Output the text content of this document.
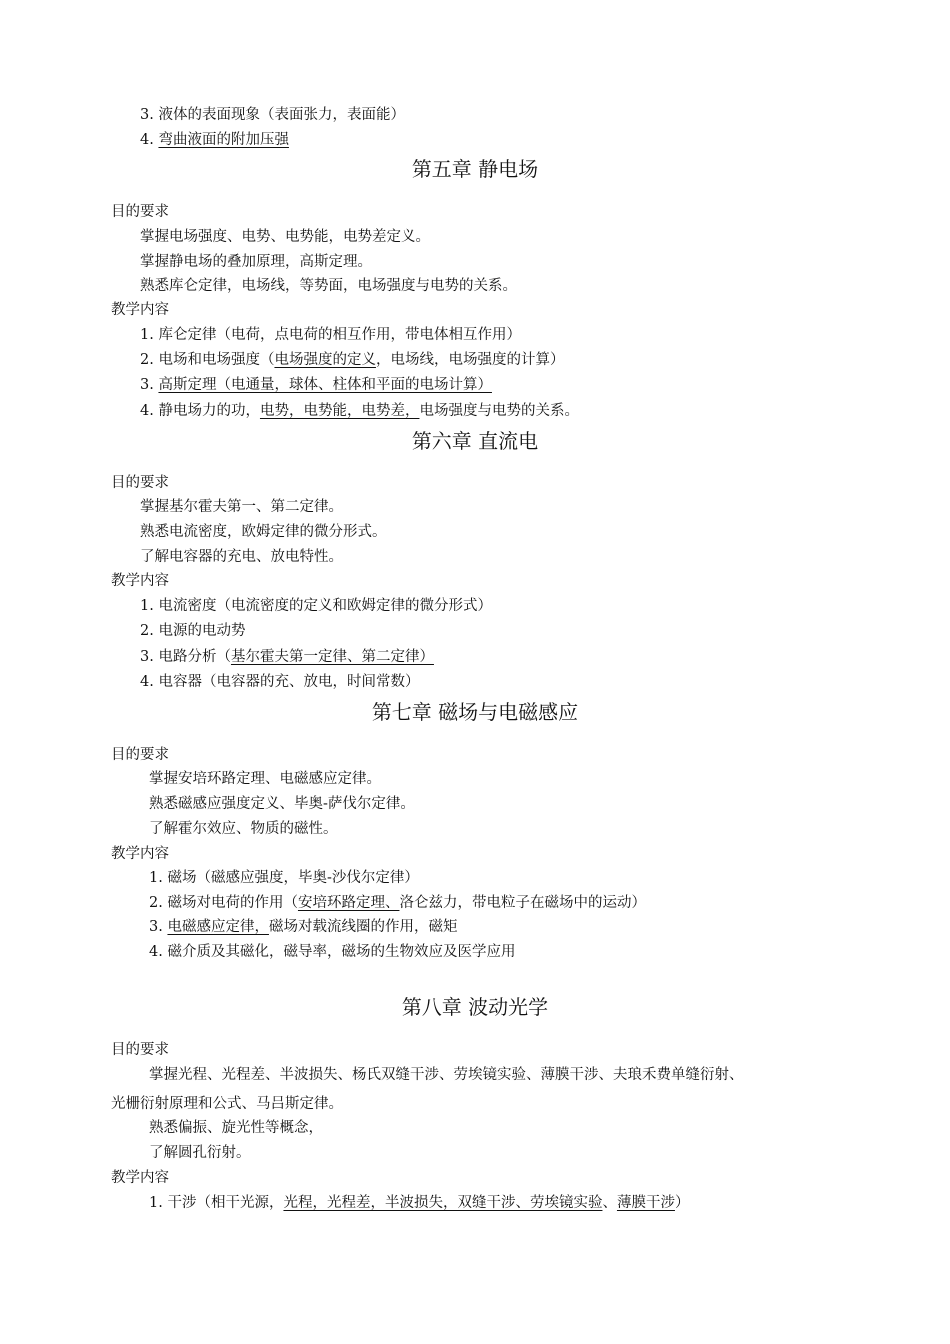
3. 液体的表面现象（表面张力，表面能）
4. 弯曲液面的附加压强
第五章 静电场
目的要求
掌握电场强度、电势、电势能，电势差定义。
掌握静电场的叠加原理，高斯定理。
熟悉库仑定律，电场线，等势面，电场强度与电势的关系。
教学内容
1. 库仑定律（电荷，点电荷的相互作用，带电体相互作用）
2. 电场和电场强度（电场强度的定义，电场线，电场强度的计算）
3. 高斯定理（电通量，球体、柱体和平面的电场计算）
4. 静电场力的功，电势，电势能，电势差，电场强度与电势的关系。
第六章 直流电
目的要求
掌握基尔霍夫第一、第二定律。
熟悉电流密度，欧姆定律的微分形式。
了解电容器的充电、放电特性。
教学内容
1. 电流密度（电流密度的定义和欧姆定律的微分形式）
2. 电源的电动势
3. 电路分析（基尔霍夫第一定律、第二定律）
4. 电容器（电容器的充、放电，时间常数）
第七章 磁场与电磁感应
目的要求
掌握安培环路定理、电磁感应定律。
熟悉磁感应强度定义、毕奥-萨伐尔定律。
了解霍尔效应、物质的磁性。
教学内容
1. 磁场（磁感应强度，毕奥-沙伐尔定律）
2. 磁场对电荷的作用（安培环路定理、洛仑兹力，带电粒子在磁场中的运动）
3. 电磁感应定律，磁场对载流线圈的作用，磁矩
4. 磁介质及其磁化，磁导率，磁场的生物效应及医学应用
第八章 波动光学
目的要求
掌握光程、光程差、半波损失、杨氏双缝干涉、劳埃镜实验、薄膜干涉、夫琅禾费单缝衍射、
光栅衍射原理和公式、马吕斯定律。
熟悉偏振、旋光性等概念，
了解圆孔衍射。
教学内容
1. 干涉（相干光源，光程，光程差，半波损失，双缝干涉、劳埃镜实验、薄膜干涉）
